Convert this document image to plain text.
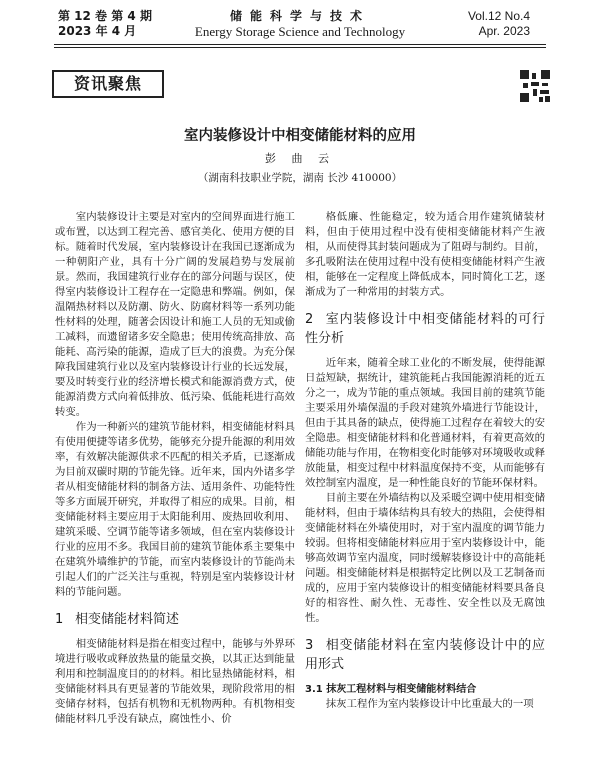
第 12 卷 第 4 期
2023 年 4 月
储能科学与技术
Energy Storage Science and Technology
Vol.12 No.4
Apr. 2023
资讯聚焦
室内装修设计中相变储能材料的应用
彭 曲 云
（湖南科技职业学院，湖南 长沙 410000）

室内装修设计主要是对室内的空间界面进行施工或布置，以达到工程完善、感官美化、使用方便的目标。随着时代发展，室内装修设计在我国已逐渐成为一种朝阳产业，具有十分广阔的发展趋势与发展前景。然而，我国建筑行业存在的部分问题与误区，使得室内装修设计工程存在一定隐患和弊端。例如，保温隔热材料以及防潮、防火、防腐材料等一系列功能性材料的处理，随著会因设计和施工人员的无知或偷工减料，而遗留诸多安全隐患；使用传统高排放、高能耗、高污染的能源，造成了巨大的浪费。为充分保障我国建筑行业以及室内装修设计行业的长远发展，要及时转变行业的经济增长模式和能源消费方式，使能源消费方式向着低排放、低污染、低能耗进行高效转变。

作为一种新兴的建筑节能材料，相变储能材料具有使用便捷等诸多优势，能够充分提升能源的利用效率，有效解决能源供求不匹配的相关矛盾，已逐渐成为目前双碳时期的节能先锋。近年来，国内外诸多学者从相变储能材料的制备方法、适用条件、功能特性等多方面展开研究，并取得了相应的成果。目前，相变储能材料主要应用于太阳能利用、废热回收利用、建筑采暖、空调节能等诸多领域，但在室内装修设计行业的应用不多。我国目前的建筑节能体系主要集中在建筑外墙维护的节能，而室内装修设计的节能尚未引起人们的广泛关注与重视，特别是室内装修设计材料的节能问题。

1 相变储能材料简述

相变储能材料是指在相变过程中，能够与外界环境进行吸收或释放热量的能量交换，以其正达到能量利用和控制温度目的的材料。相比显热储能材料，相变储能材料具有更显著的节能效果，现阶段常用的相变储存材料，包括有机物和无机物两种。有机物相变储能材料几乎没有缺点，腐蚀性小、价

格低廉、性能稳定，较为适合用作建筑储装材料，但由于使用过程中没有使相变储能材料产生液相，从而使得其封装问题成为了阻碍与制约。目前，多孔吸附法在使用过程中没有使相变储能材料产生液相，能够在一定程度上降低成本，同时简化工艺，逐渐成为了一种常用的封装方式。

2 室内装修设计中相变储能材料的可行性分析

近年来，随着全球工业化的不断发展，使得能源日益短缺，据统计，建筑能耗占我国能源消耗的近五分之一，成为节能的重点领域。我国目前的建筑节能主要采用外墙保温的手段对建筑外墙进行节能设计，但由于其具备的缺点，使得施工过程存在着较大的安全隐患。相变储能材料和化普通材料，有着更高效的储能功能与作用，在物相变化时能够对环境吸收或释放能量，相变过程中材料温度保持不变，从而能够有效控制室内温度，是一种性能良好的节能环保材料。

目前主要在外墙结构以及采暖空调中使用相变储能材料，但由于墙体结构具有较大的热阻，会使得相变储能材料在外墙使用时，对于室内温度的调节能力较弱。但将相变储能材料应用于室内装修设计中，能够高效调节室内温度，同时缓解装修设计中的高能耗问题。相变储能材料是根据特定比例以及工艺制备而成的，应用于室内装修设计的相变储能材料要具备良好的相容性、耐久性、无毒性、安全性以及无腐蚀性。

3 相变储能材料在室内装修设计中的应用形式
3.1 抹灰工程材料与相变储能材料结合

抹灰工程作为室内装修设计中比重最大的一项
